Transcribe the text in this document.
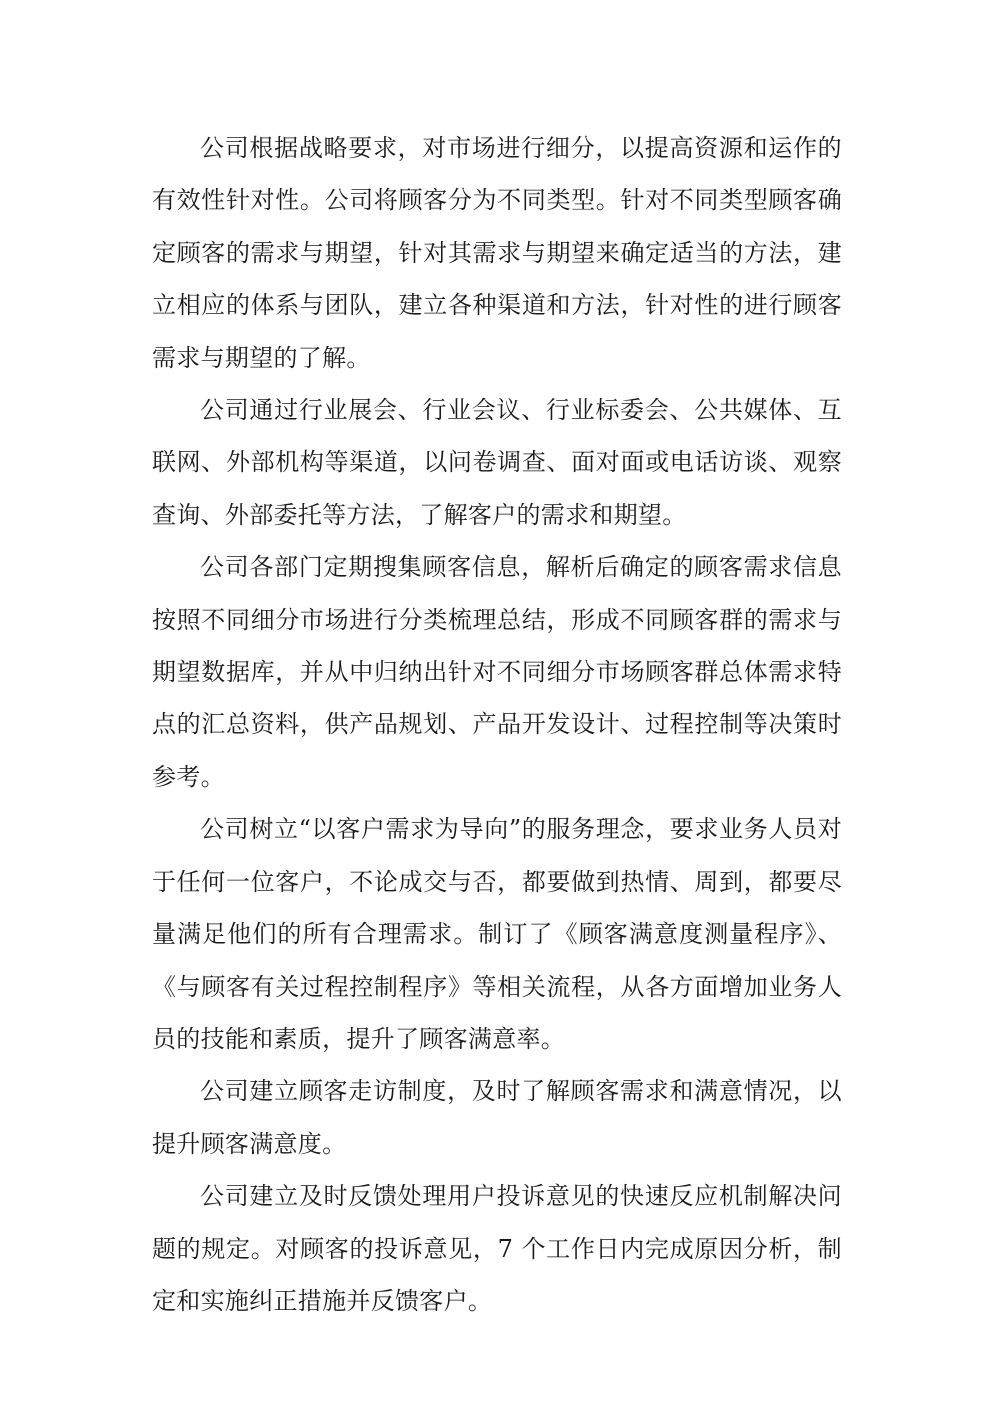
公司根据战略要求，对市场进行细分，以提高资源和运作的有效性针对性。公司将顾客分为不同类型。针对不同类型顾客确定顾客的需求与期望，针对其需求与期望来确定适当的方法，建立相应的体系与团队，建立各种渠道和方法，针对性的进行顾客需求与期望的了解。

公司通过行业展会、行业会议、行业标委会、公共媒体、互联网、外部机构等渠道，以问卷调查、面对面或电话访谈、观察查询、外部委托等方法，了解客户的需求和期望。

公司各部门定期搜集顾客信息，解析后确定的顾客需求信息按照不同细分市场进行分类梳理总结，形成不同顾客群的需求与期望数据库，并从中归纳出针对不同细分市场顾客群总体需求特点的汇总资料，供产品规划、产品开发设计、过程控制等决策时参考。

公司树立“以客户需求为导向”的服务理念，要求业务人员对于任何一位客户，不论成交与否，都要做到热情、周到，都要尽量满足他们的所有合理需求。制订了《顾客满意度测量程序》、《与顾客有关过程控制程序》等相关流程，从各方面增加业务人员的技能和素质，提升了顾客满意率。

公司建立顾客走访制度，及时了解顾客需求和满意情况，以提升顾客满意度。

公司建立及时反馈处理用户投诉意见的快速反应机制解决问题的规定。对顾客的投诉意见，7 个工作日内完成原因分析，制定和实施纠正措施并反馈客户。
